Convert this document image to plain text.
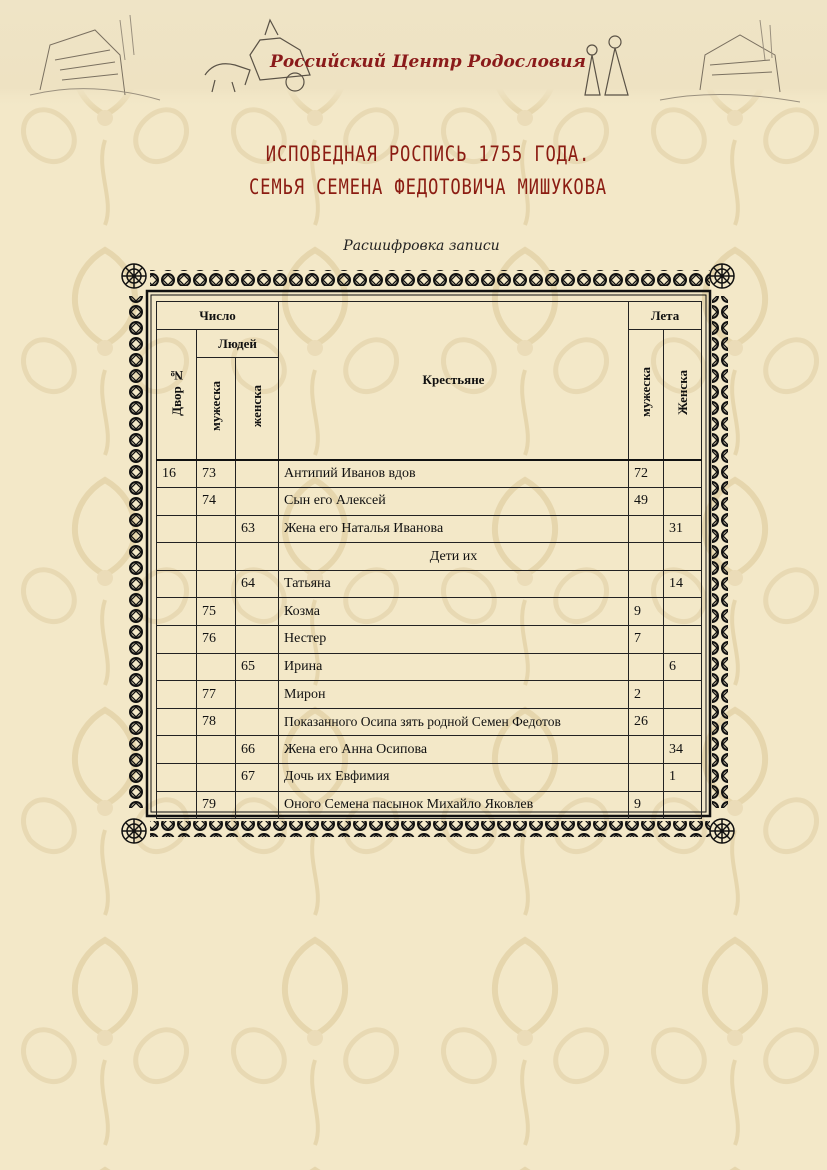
Российский Центр Родословия
ИСПОВЕДНАЯ РОСПИСЬ 1755 ГОДА.
СЕМЬЯ СЕМЕНА ФЕДОТОВИЧА МИШУКОВА
Расшифровка записи
Число			Крестьяне	Лета	
Двор №	Людей			мужеска	Женска
	мужеска	женска			
16	73		Антипий Иванов вдов	72	
	74		Сын его Алексей	49	
		63	Жена его Наталья Иванова		31
			Дети их		
		64	Татьяна		14
	75		Козма	9	
	76		Нестер	7	
		65	Ирина		6
	77		Мирон	2	
	78		Показанного Осипа зять родной Семен Федотов	26	
		66	Жена его Анна Осипова		34
		67	Дочь их Евфимия		1
	79		Оного Семена пасынок Михайло Яковлев	9	
